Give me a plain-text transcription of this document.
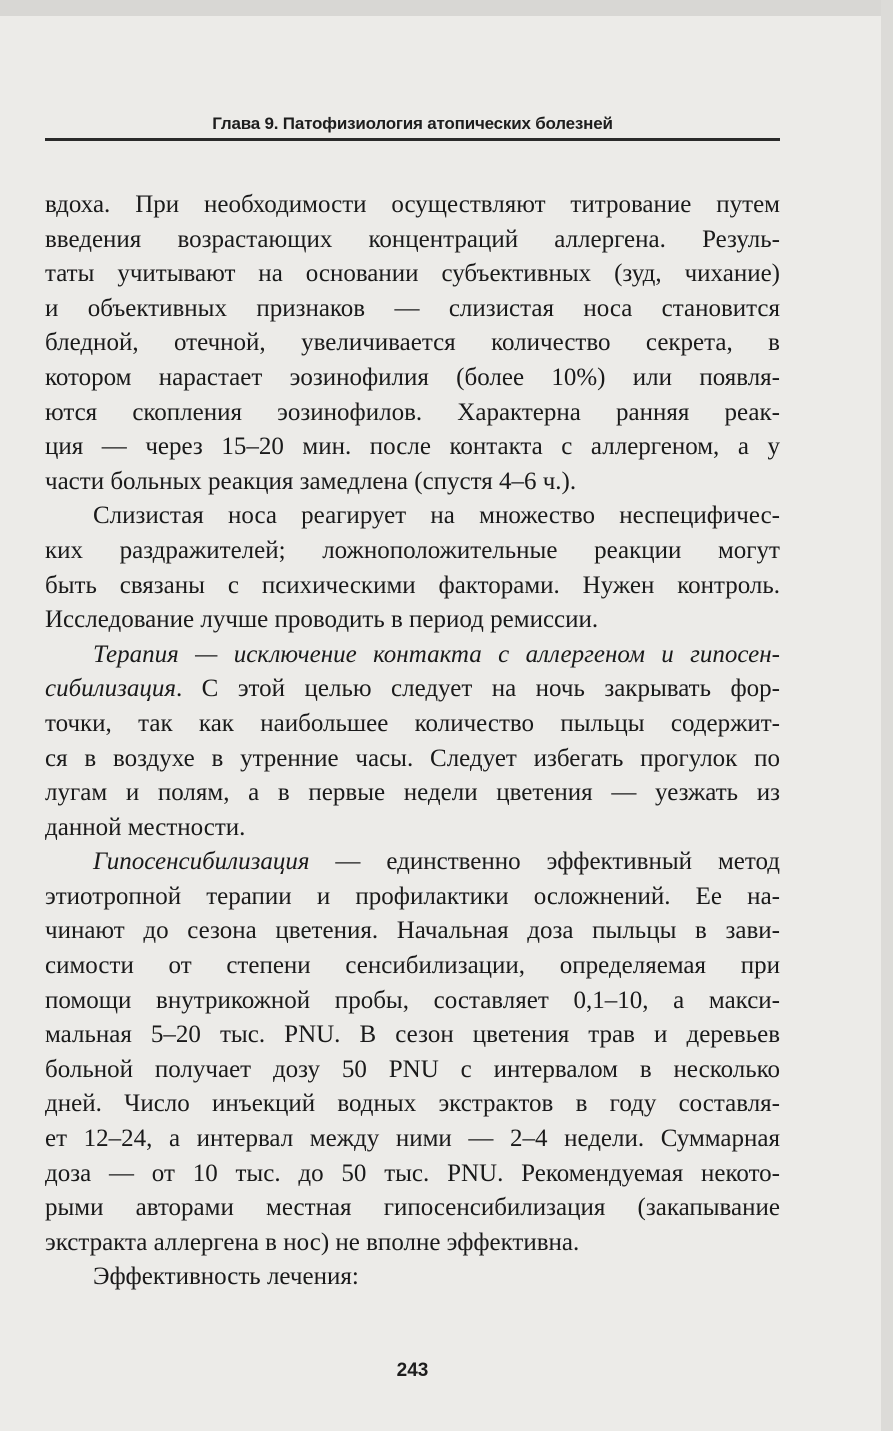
Глава 9. Патофизиология атопических болезней
вдоха. При необходимости осуществляют титрование путем
введения возрастающих концентраций аллергена. Резуль-
таты учитывают на основании субъективных (зуд, чихание)
и объективных признаков — слизистая носа становится
бледной, отечной, увеличивается количество секрета, в
котором нарастает эозинофилия (более 10%) или появля-
ются скопления эозинофилов. Характерна ранняя реак-
ция — через 15–20 мин. после контакта с аллергеном, а у
части больных реакция замедлена (спустя 4–6 ч.).
Слизистая носа реагирует на множество неспецифичес-
ких раздражителей; ложноположительные реакции могут
быть связаны с психическими факторами. Нужен контроль.
Исследование лучше проводить в период ремиссии.
Терапия — исключение контакта с аллергеном и гипосен-
сибилизация. С этой целью следует на ночь закрывать фор-
точки, так как наибольшее количество пыльцы содержит-
ся в воздухе в утренние часы. Следует избегать прогулок по
лугам и полям, а в первые недели цветения — уезжать из
данной местности.
Гипосенсибилизация — единственно эффективный метод
этиотропной терапии и профилактики осложнений. Ее на-
чинают до сезона цветения. Начальная доза пыльцы в зави-
симости от степени сенсибилизации, определяемая при
помощи внутрикожной пробы, составляет 0,1–10, а макси-
мальная 5–20 тыс. PNU. В сезон цветения трав и деревьев
больной получает дозу 50 PNU с интервалом в несколько
дней. Число инъекций водных экстрактов в году составля-
ет 12–24, а интервал между ними — 2–4 недели. Суммарная
доза — от 10 тыс. до 50 тыс. PNU. Рекомендуемая некото-
рыми авторами местная гипосенсибилизация (закапывание
экстракта аллергена в нос) не вполне эффективна.
Эффективность лечения:
243
